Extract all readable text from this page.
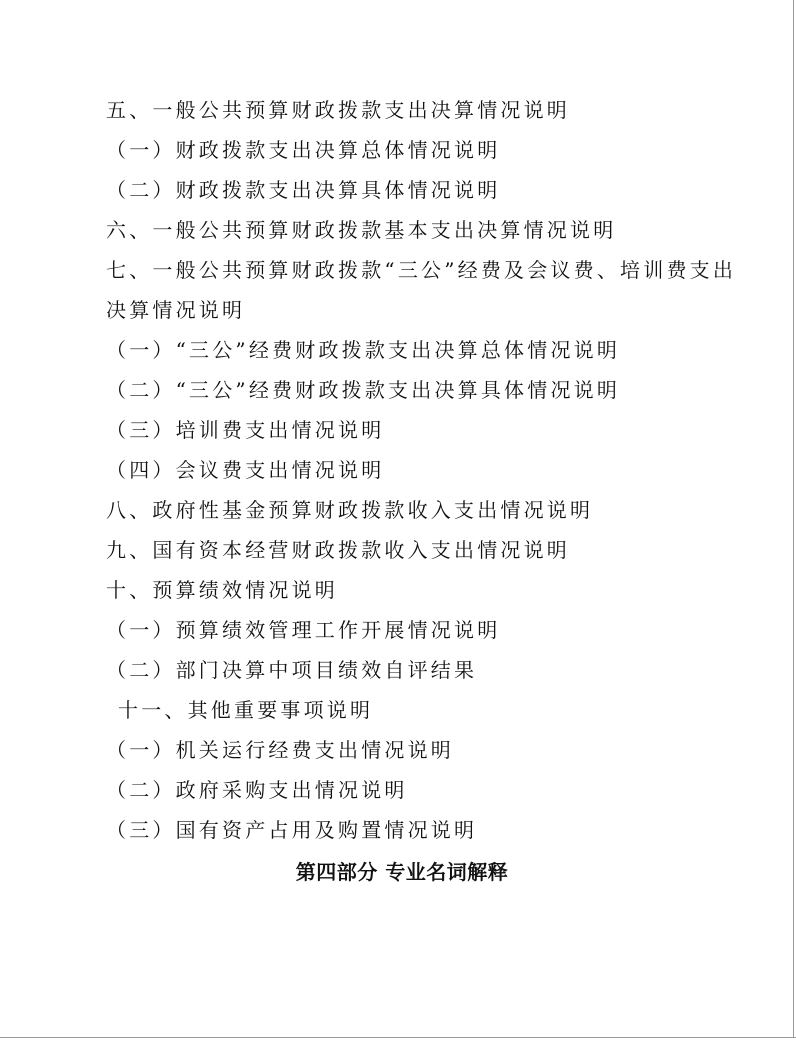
五、一般公共预算财政拨款支出决算情况说明
（一）财政拨款支出决算总体情况说明
（二）财政拨款支出决算具体情况说明
六、一般公共预算财政拨款基本支出决算情况说明
七、一般公共预算财政拨款“三公”经费及会议费、培训费支出
决算情况说明
（一）“三公”经费财政拨款支出决算总体情况说明
（二）“三公”经费财政拨款支出决算具体情况说明
（三）培训费支出情况说明
（四）会议费支出情况说明
八、政府性基金预算财政拨款收入支出情况说明
九、国有资本经营财政拨款收入支出情况说明
十、预算绩效情况说明
（一）预算绩效管理工作开展情况说明
（二）部门决算中项目绩效自评结果
十一、其他重要事项说明
（一）机关运行经费支出情况说明
（二）政府采购支出情况说明
（三）国有资产占用及购置情况说明
第四部分 专业名词解释
